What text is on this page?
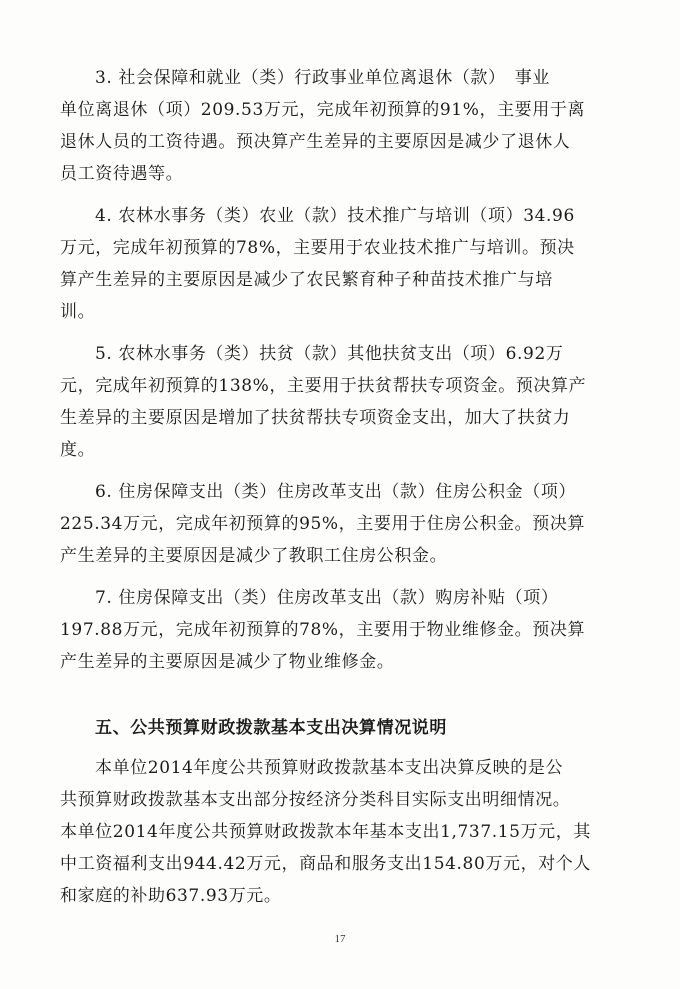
3. 社会保障和就业（类）行政事业单位离退休（款）　事业
单位离退休（项）209.53万元，完成年初预算的91%，主要用于离
退休人员的工资待遇。预决算产生差异的主要原因是减少了退休人
员工资待遇等。

4. 农林水事务（类）农业（款）技术推广与培训（项）34.96
万元，完成年初预算的78%，主要用于农业技术推广与培训。预决
算产生差异的主要原因是减少了农民繁育种子种苗技术推广与培
训。

5. 农林水事务（类）扶贫（款）其他扶贫支出（项）6.92万
元，完成年初预算的138%，主要用于扶贫帮扶专项资金。预决算产
生差异的主要原因是增加了扶贫帮扶专项资金支出，加大了扶贫力
度。

6. 住房保障支出（类）住房改革支出（款）住房公积金（项）
225.34万元，完成年初预算的95%，主要用于住房公积金。预决算
产生差异的主要原因是减少了教职工住房公积金。

7. 住房保障支出（类）住房改革支出（款）购房补贴（项）
197.88万元，完成年初预算的78%，主要用于物业维修金。预决算
产生差异的主要原因是减少了物业维修金。

五、公共预算财政拨款基本支出决算情况说明

本单位2014年度公共预算财政拨款基本支出决算反映的是公
共预算财政拨款基本支出部分按经济分类科目实际支出明细情况。
本单位2014年度公共预算财政拨款本年基本支出1,737.15万元，其
中工资福利支出944.42万元，商品和服务支出154.80万元，对个人
和家庭的补助637.93万元。

17
